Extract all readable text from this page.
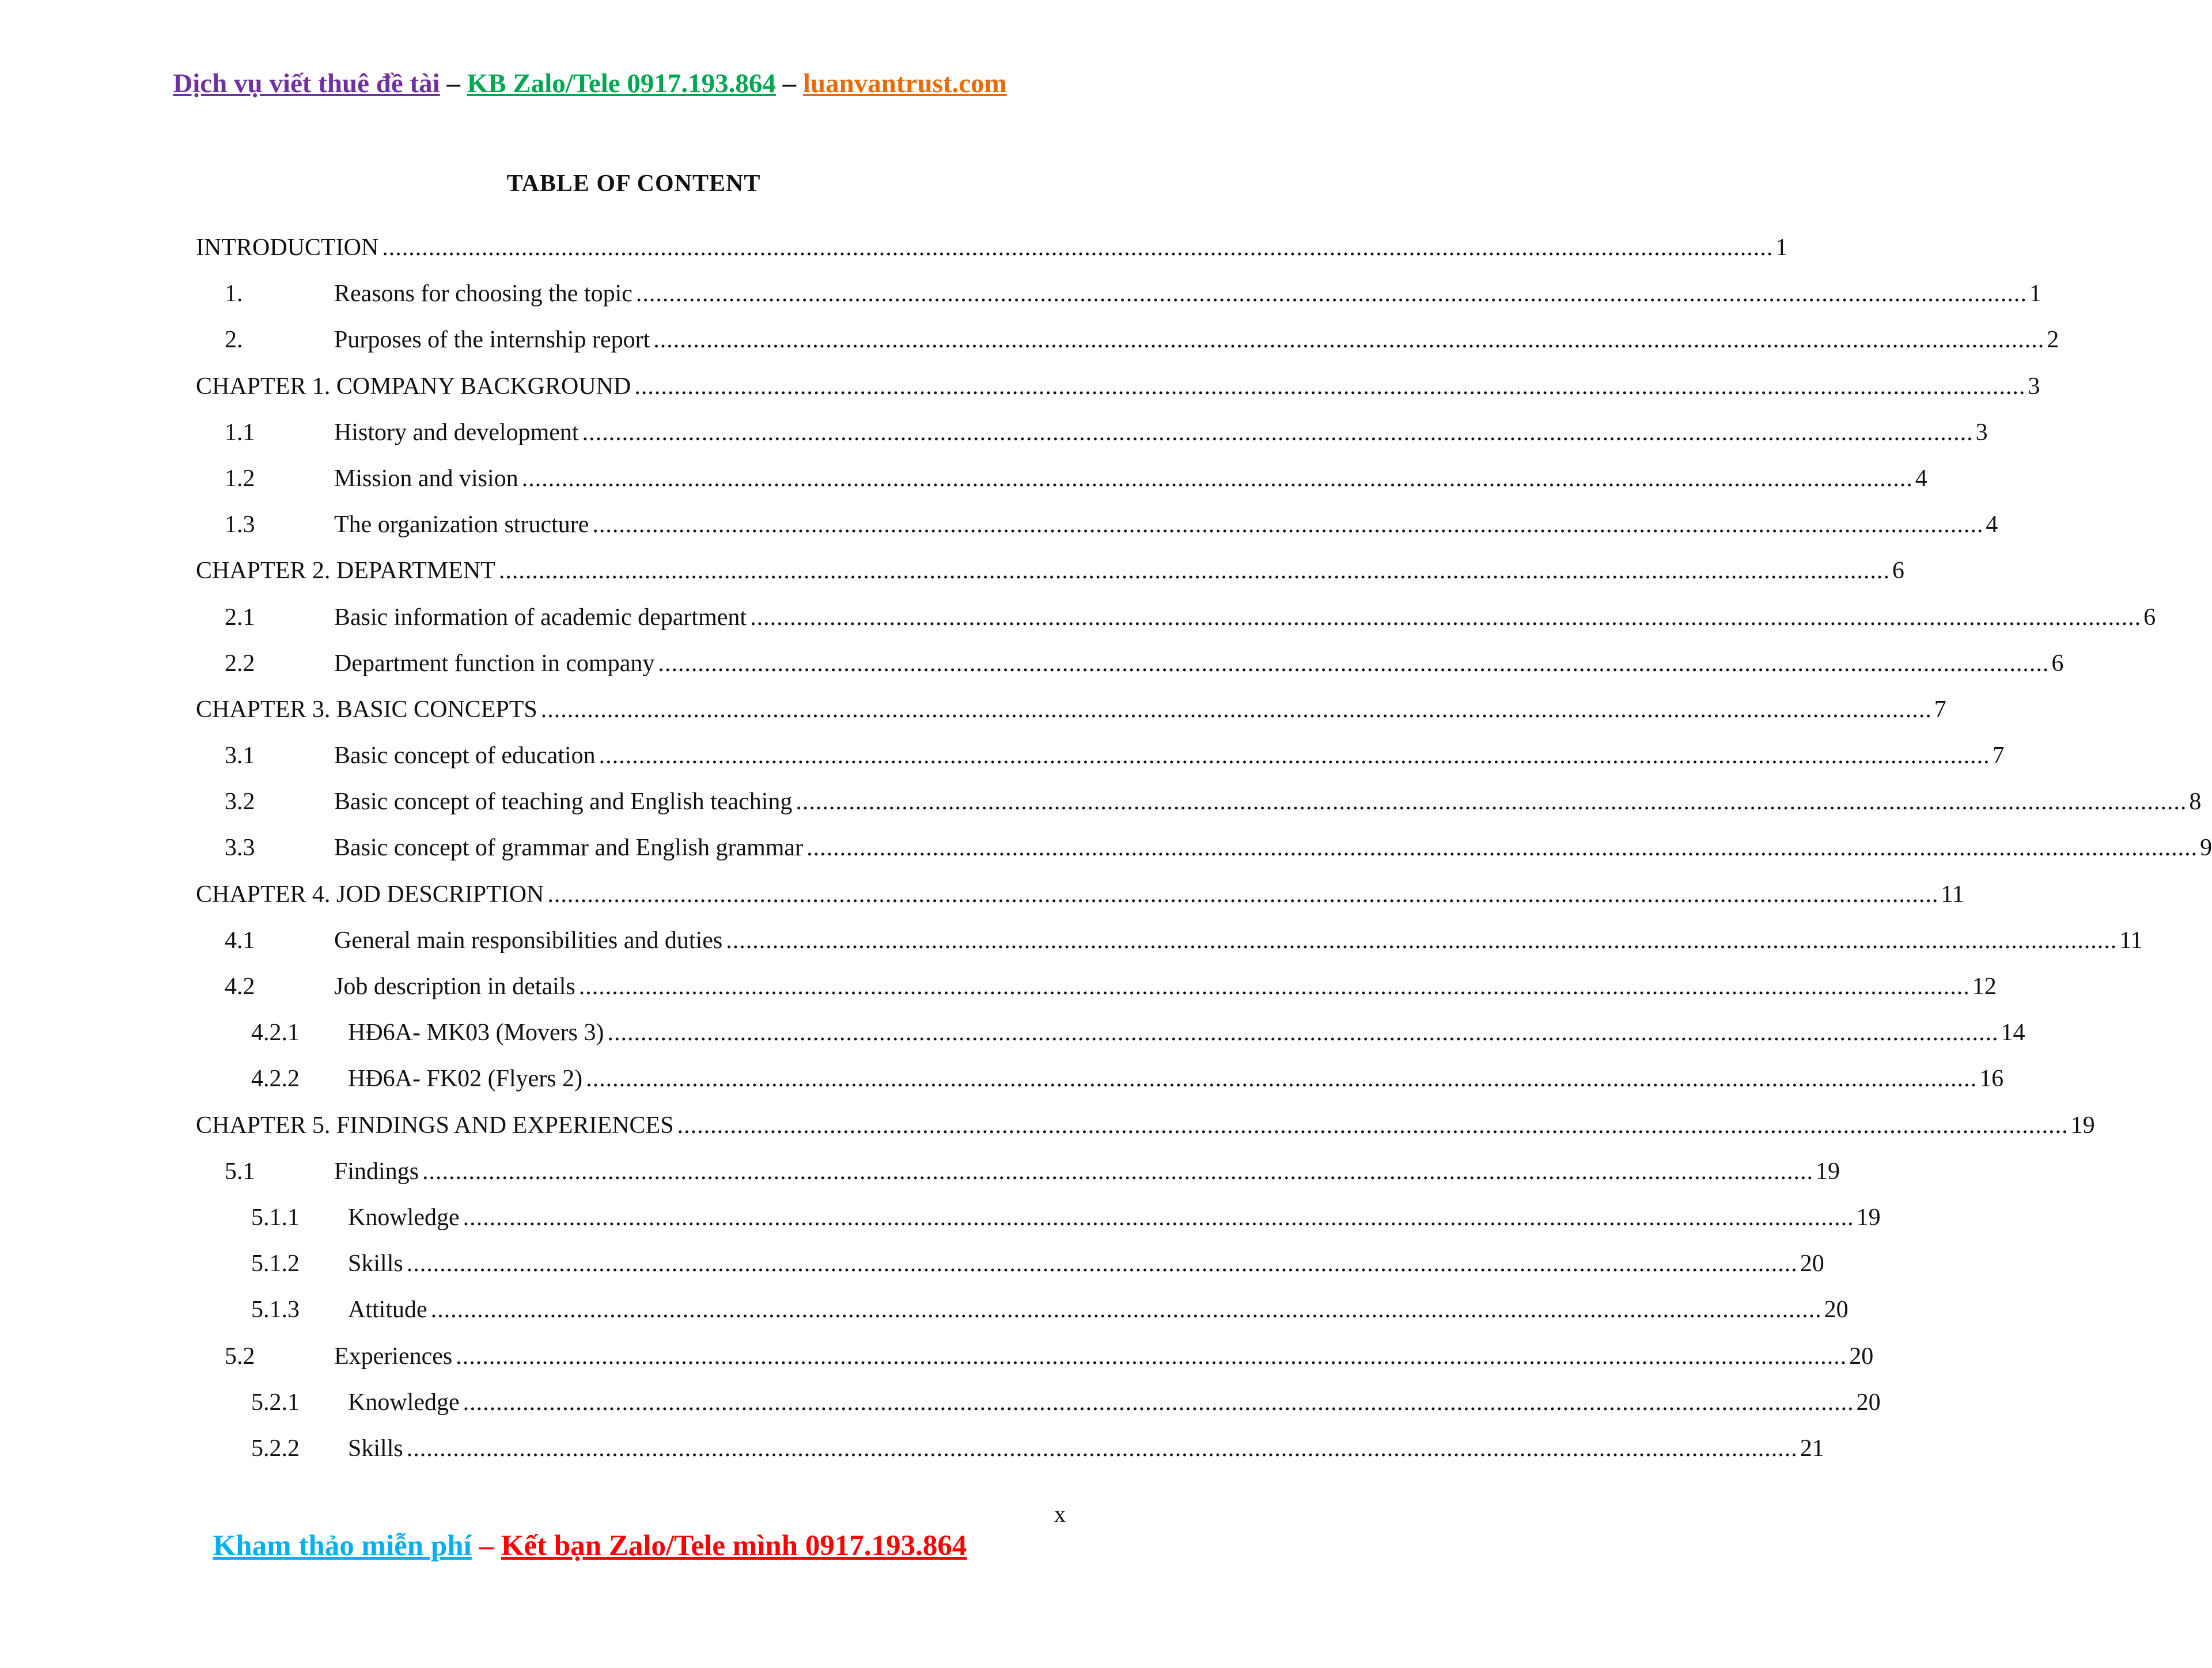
Dịch vụ viết thuê đề tài – KB Zalo/Tele 0917.193.864 – luanvantrust.com
TABLE OF CONTENT
INTRODUCTION .................................................................................................................................................................................................................. 1
1.	Reasons for choosing the topic .................................................................................................................................................................................................................. 1
2.	Purposes of the internship report .................................................................................................................................................................................................................. 2
CHAPTER 1. COMPANY BACKGROUND .................................................................................................................................................................................................................. 3
1.1	History and development .................................................................................................................................................................................................................. 3
1.2	Mission and vision .................................................................................................................................................................................................................. 4
1.3	The organization structure .................................................................................................................................................................................................................. 4
CHAPTER 2. DEPARTMENT .................................................................................................................................................................................................................. 6
2.1	Basic information of academic department .................................................................................................................................................................................................................. 6
2.2	Department function in company .................................................................................................................................................................................................................. 6
CHAPTER 3. BASIC CONCEPTS .................................................................................................................................................................................................................. 7
3.1	Basic concept of education .................................................................................................................................................................................................................. 7
3.2	Basic concept of teaching and English teaching .................................................................................................................................................................................................................. 8
3.3	Basic concept of grammar and English grammar .................................................................................................................................................................................................................. 9
CHAPTER 4. JOD DESCRIPTION .................................................................................................................................................................................................................. 11
4.1	General main responsibilities and duties .................................................................................................................................................................................................................. 11
4.2	Job description in details .................................................................................................................................................................................................................. 12
4.2.1	HĐ6A- MK03 (Movers 3) .................................................................................................................................................................................................................. 14
4.2.2	HĐ6A- FK02 (Flyers 2) .................................................................................................................................................................................................................. 16
CHAPTER 5. FINDINGS AND EXPERIENCES .................................................................................................................................................................................................................. 19
5.1	Findings .................................................................................................................................................................................................................. 19
5.1.1	Knowledge .................................................................................................................................................................................................................. 19
5.1.2	Skills .................................................................................................................................................................................................................. 20
5.1.3	Attitude .................................................................................................................................................................................................................. 20
5.2	Experiences .................................................................................................................................................................................................................. 20
5.2.1	Knowledge .................................................................................................................................................................................................................. 20
5.2.2	Skills .................................................................................................................................................................................................................. 21
x
Kham thảo miễn phí – Kết bạn Zalo/Tele mình 0917.193.864
